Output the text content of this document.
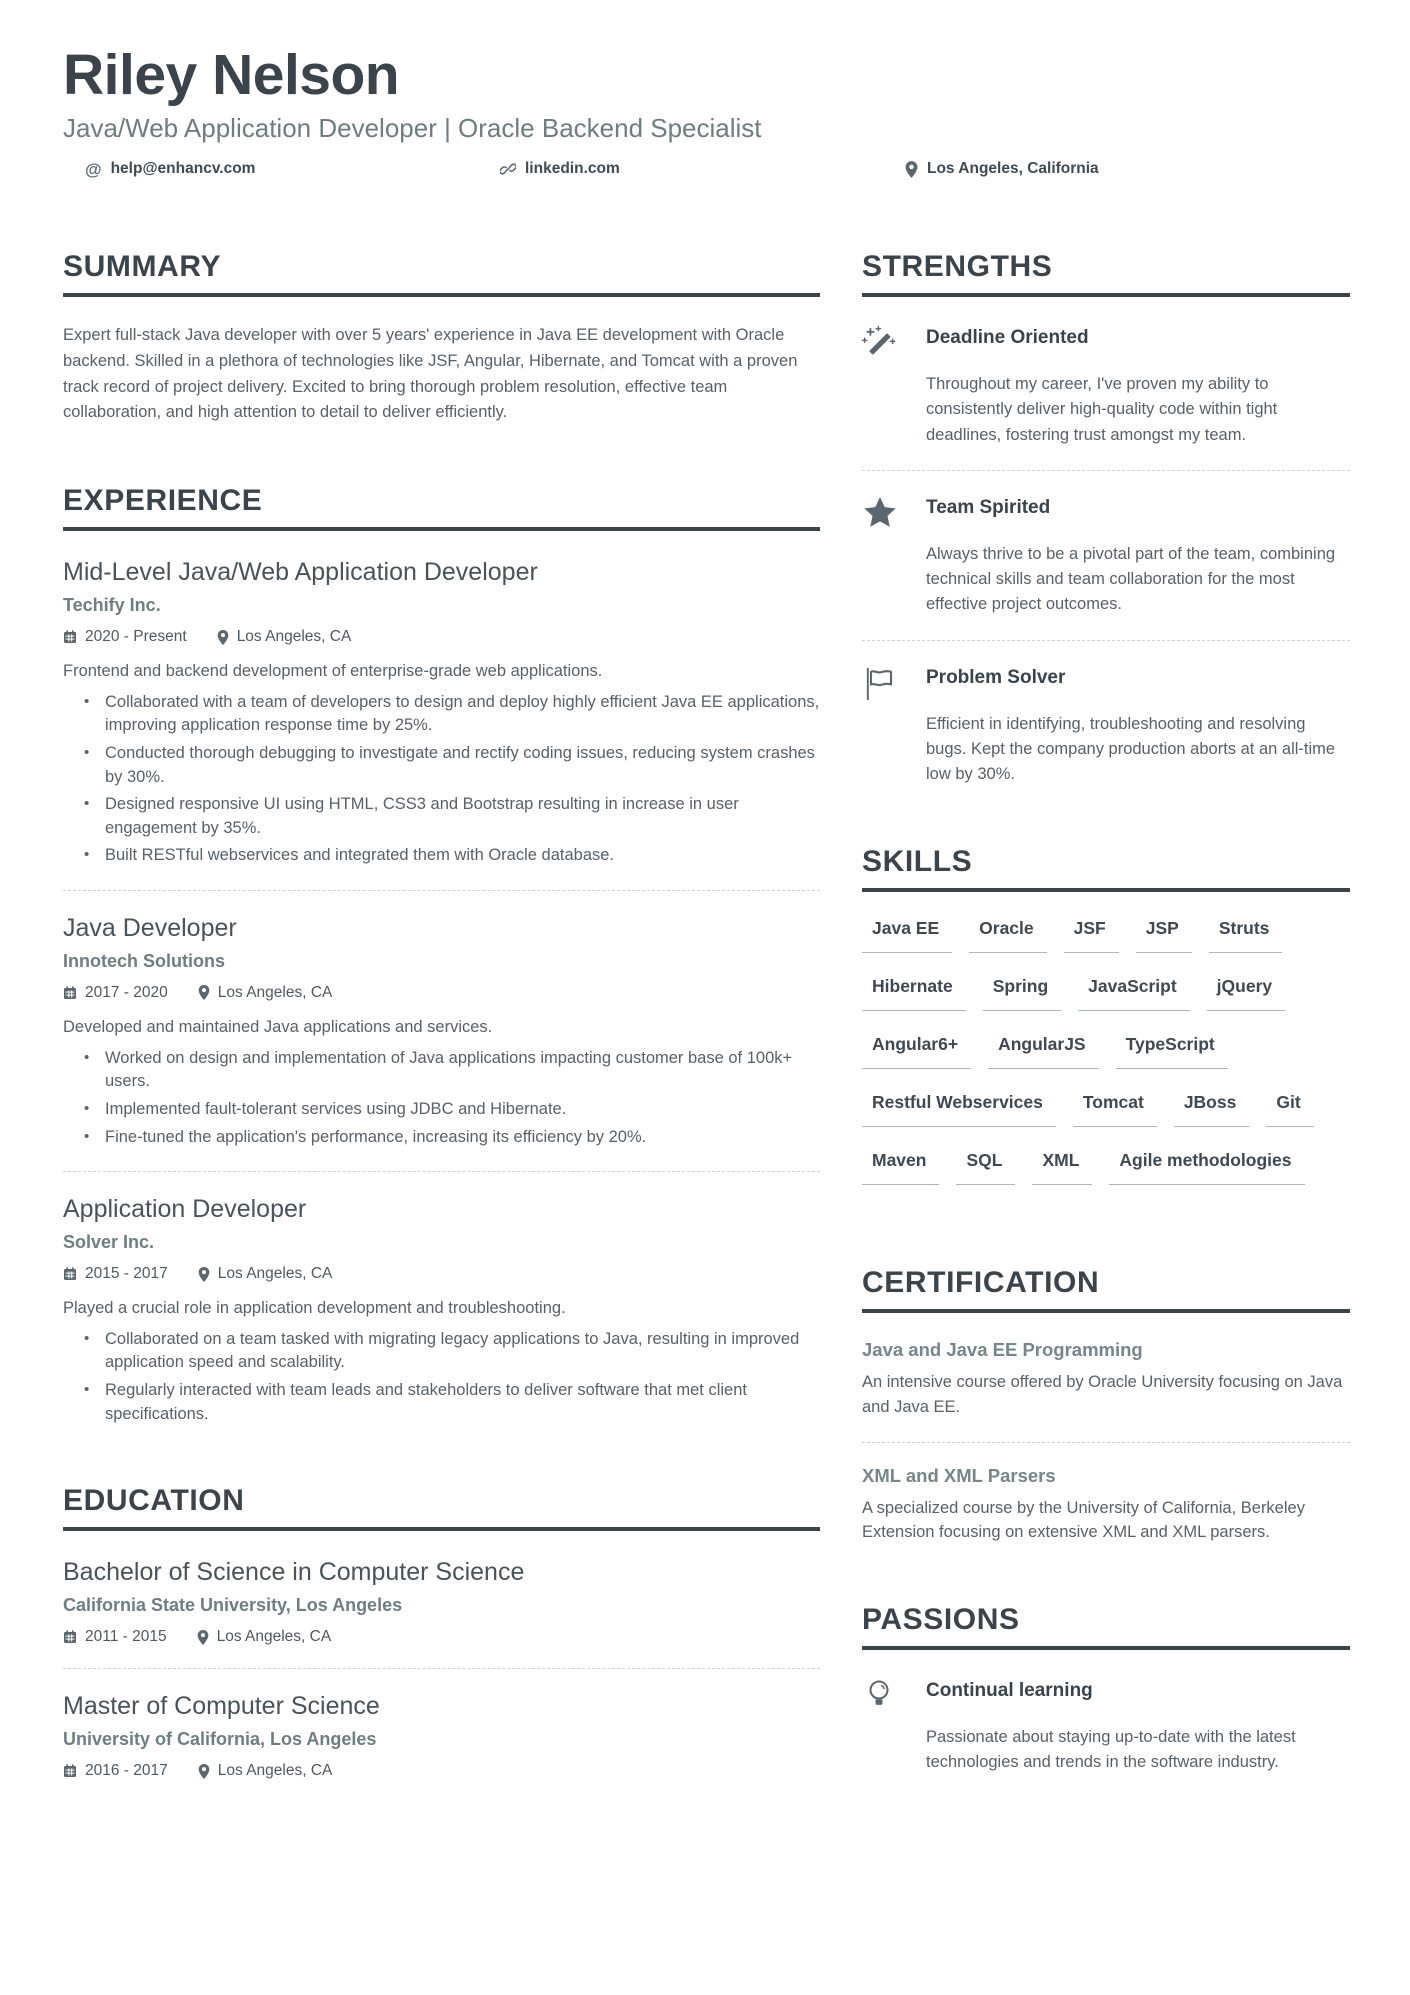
Riley Nelson
Java/Web Application Developer | Oracle Backend Specialist
@ help@enhancv.com	linkedin.com	Los Angeles, California
SUMMARY

Expert full-stack Java developer with over 5 years' experience in Java EE development with Oracle backend. Skilled in a plethora of technologies like JSF, Angular, Hibernate, and Tomcat with a proven track record of project delivery. Excited to bring thorough problem resolution, effective team collaboration, and high attention to detail to deliver efficiently.

EXPERIENCE
Mid-Level Java/Web Application Developer
Techify Inc.
2020 - Present	Los Angeles, CA
Frontend and backend development of enterprise-grade web applications.
• Collaborated with a team of developers to design and deploy highly efficient Java EE applications, improving application response time by 25%.
• Conducted thorough debugging to investigate and rectify coding issues, reducing system crashes by 30%.
• Designed responsive UI using HTML, CSS3 and Bootstrap resulting in increase in user engagement by 35%.
• Built RESTful webservices and integrated them with Oracle database.
Java Developer
Innotech Solutions
2017 - 2020	Los Angeles, CA
Developed and maintained Java applications and services.
• Worked on design and implementation of Java applications impacting customer base of 100k+ users.
• Implemented fault-tolerant services using JDBC and Hibernate.
• Fine-tuned the application's performance, increasing its efficiency by 20%.
Application Developer
Solver Inc.
2015 - 2017	Los Angeles, CA
Played a crucial role in application development and troubleshooting.
• Collaborated on a team tasked with migrating legacy applications to Java, resulting in improved application speed and scalability.
• Regularly interacted with team leads and stakeholders to deliver software that met client specifications.
EDUCATION
Bachelor of Science in Computer Science
California State University, Los Angeles
2011 - 2015	Los Angeles, CA
Master of Computer Science
University of California, Los Angeles
2016 - 2017	Los Angeles, CA
STRENGTHS
Deadline Oriented
Throughout my career, I've proven my ability to consistently deliver high-quality code within tight deadlines, fostering trust amongst my team.
Team Spirited
Always thrive to be a pivotal part of the team, combining technical skills and team collaboration for the most effective project outcomes.
Problem Solver
Efficient in identifying, troubleshooting and resolving bugs. Kept the company production aborts at an all-time low by 30%.
SKILLS
Java EE	Oracle	JSF	JSP	Struts
Hibernate	Spring	JavaScript	jQuery
Angular6+	AngularJS	TypeScript
Restful Webservices	Tomcat	JBoss	Git
Maven	SQL	XML	Agile methodologies
CERTIFICATION
Java and Java EE Programming
An intensive course offered by Oracle University focusing on Java and Java EE.
XML and XML Parsers
A specialized course by the University of California, Berkeley Extension focusing on extensive XML and XML parsers.
PASSIONS
Continual learning
Passionate about staying up-to-date with the latest technologies and trends in the software industry.
